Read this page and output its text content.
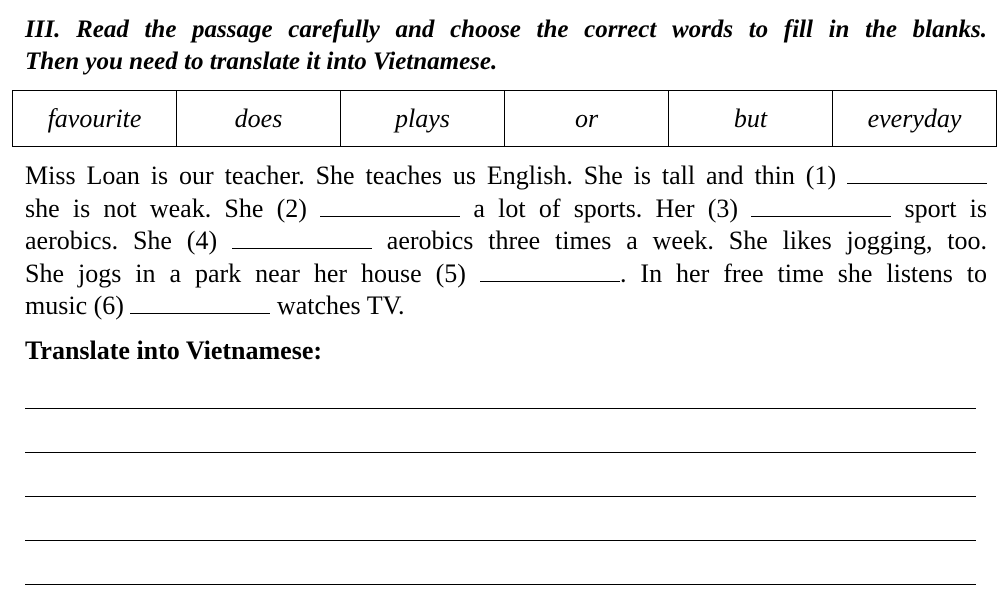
III. Read the passage carefully and choose the correct words to fill in the blanks.
Then you need to translate it into Vietnamese.
favourite	does	plays	or	but	everyday
Miss Loan is our teacher. She teaches us English. She is tall and thin (1)
she is not weak. She (2)	a lot of sports. Her (3)	sport is
aerobics. She (4)	aerobics three times a week. She likes jogging, too.
She jogs in a park near her house (5)	. In her free time she listens to
music (6)	watches TV.
Translate into Vietnamese:
